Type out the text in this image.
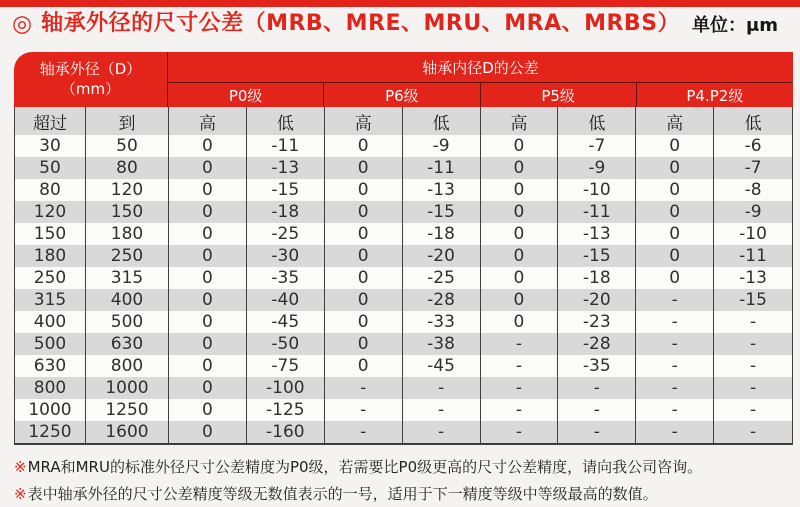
◎ 轴承外径的尺寸公差（MRB、MRE、MRU、MRA、MRBS） 单位：μm
轴承外径（D）
（mm）
轴承内径D的公差
P0级	P6级	P5级	P4.P2级
超过	到	高	低	高	低	高	低	高	低
30	50	0	-11	0	-9	0	-7	0	-6
50	80	0	-13	0	-11	0	-9	0	-7
80	120	0	-15	0	-13	0	-10	0	-8
120	150	0	-18	0	-15	0	-11	0	-9
150	180	0	-25	0	-18	0	-13	0	-10
180	250	0	-30	0	-20	0	-15	0	-11
250	315	0	-35	0	-25	0	-18	0	-13
315	400	0	-40	0	-28	0	-20	-	-15
400	500	0	-45	0	-33	0	-23	-	-
500	630	0	-50	0	-38	-	-28	-	-
630	800	0	-75	0	-45	-	-35	-	-
800	1000	0	-100	-	-	-	-	-	-
1000	1250	0	-125	-	-	-	-	-	-
1250	1600	0	-160	-	-	-	-	-	-
※MRA和MRU的标准外径尺寸公差精度为P0级，若需要比P0级更高的尺寸公差精度，请向我公司咨询。
※表中轴承外径的尺寸公差精度等级无数值表示的一号，适用于下一精度等级中等级最高的数值。
